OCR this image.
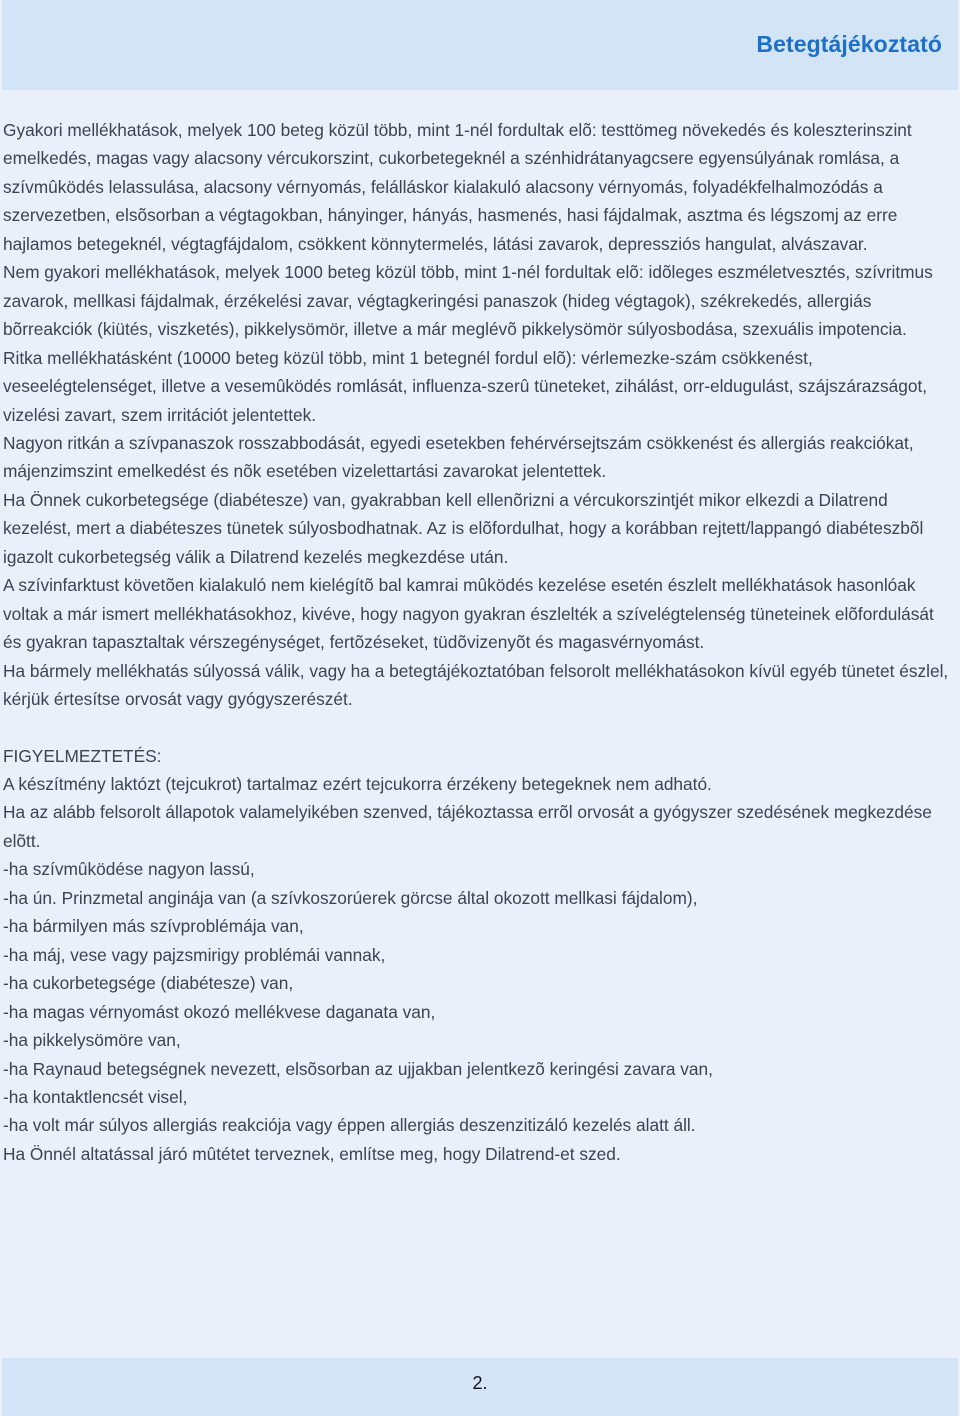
Betegtájékoztató

Gyakori mellékhatások, melyek 100 beteg közül több, mint 1-nél fordultak elõ: testtömeg növekedés és koleszterinszint emelkedés, magas vagy alacsony vércukorszint, cukorbetegeknél a szénhidrátanyagcsere egyensúlyának romlása, a szívmûködés lelassulása, alacsony vérnyomás, felálláskor kialakuló alacsony vérnyomás, folyadékfelhalmozódás a szervezetben, elsõsorban a végtagokban, hányinger, hányás, hasmenés, hasi fájdalmak, asztma és légszomj az erre hajlamos betegeknél, végtagfájdalom, csökkent könnytermelés, látási zavarok, depressziós hangulat, alvászavar.

Nem gyakori mellékhatások, melyek 1000 beteg közül több, mint 1-nél fordultak elõ: idõleges eszméletvesztés, szívritmus zavarok, mellkasi fájdalmak, érzékelési zavar, végtagkeringési panaszok (hideg végtagok), székrekedés, allergiás bõrreakciók (kiütés, viszketés), pikkelysömör, illetve a már meglévõ pikkelysömör súlyosbodása, szexuális impotencia.

Ritka mellékhatásként (10000 beteg közül több, mint 1 betegnél fordul elõ): vérlemezke-szám csökkenést, veseelégtelenséget, illetve a vesemûködés romlását, influenza-szerû tüneteket, zihálást, orr-eldugulást, szájszárazságot, vizelési zavart, szem irritációt jelentettek.

Nagyon ritkán a szívpanaszok rosszabbodását, egyedi esetekben fehérvérsejtszám csökkenést és allergiás reakciókat, májenzimszint emelkedést és nõk esetében vizelettartási zavarokat jelentettek.

Ha Önnek cukorbetegsége (diabétesze) van, gyakrabban kell ellenõrizni a vércukorszintjét mikor elkezdi a Dilatrend kezelést, mert a diabéteszes tünetek súlyosbodhatnak. Az is elõfordulhat, hogy a korábban rejtett/lappangó diabéteszbõl igazolt cukorbetegség válik a Dilatrend kezelés megkezdése után.

A szívinfarktust követõen kialakuló nem kielégítõ bal kamrai mûködés kezelése esetén észlelt mellékhatások hasonlóak voltak a már ismert mellékhatásokhoz, kivéve, hogy nagyon gyakran észlelték a szívelégtelenség tüneteinek elõfordulását és gyakran tapasztaltak vérszegénységet, fertõzéseket, tüdõvizenyõt és magasvérnyomást.

Ha bármely mellékhatás súlyossá válik, vagy ha a betegtájékoztatóban felsorolt mellékhatásokon kívül egyéb tünetet észlel, kérjük értesítse orvosát vagy gyógyszerészét.

FIGYELMEZTETÉS:

A készítmény laktózt (tejcukrot) tartalmaz ezért tejcukorra érzékeny betegeknek nem adható.

Ha az alább felsorolt állapotok valamelyikében szenved, tájékoztassa errõl orvosát a gyógyszer szedésének megkezdése elõtt.

-ha szívmûködése nagyon lassú,

-ha ún. Prinzmetal anginája van (a szívkoszorúerek görcse által okozott mellkasi fájdalom),

-ha bármilyen más szívproblémája van,

-ha máj, vese vagy pajzsmirigy problémái vannak,

-ha cukorbetegsége (diabétesze) van,

-ha magas vérnyomást okozó mellékvese daganata van,

-ha pikkelysömöre van,

-ha Raynaud betegségnek nevezett, elsõsorban az ujjakban jelentkezõ keringési zavara van,

-ha kontaktlencsét visel,

-ha volt már súlyos allergiás reakciója vagy éppen allergiás deszenzitizáló kezelés alatt áll.

Ha Önnél altatással járó mûtétet terveznek, említse meg, hogy Dilatrend-et szed.

2.
